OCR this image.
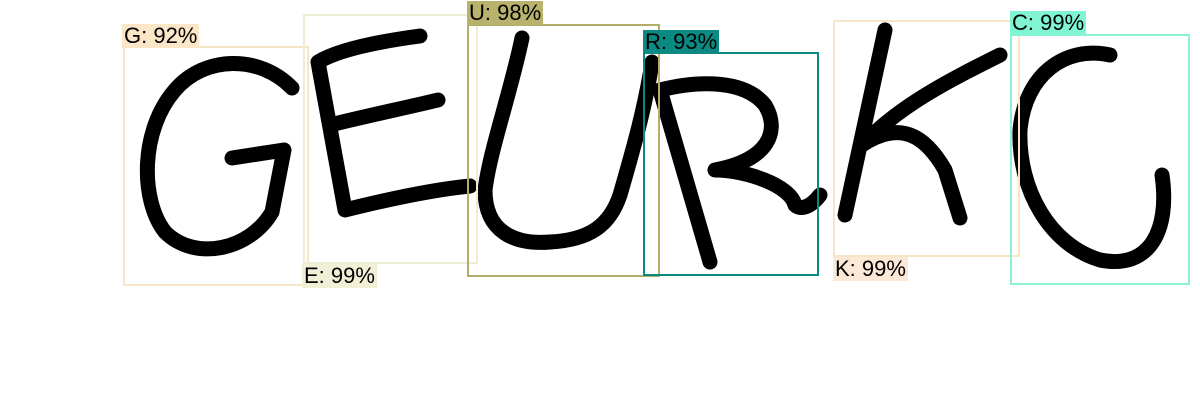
G: 92%
E: 99%
U: 98%
R: 93%
K: 99%
C: 99%
